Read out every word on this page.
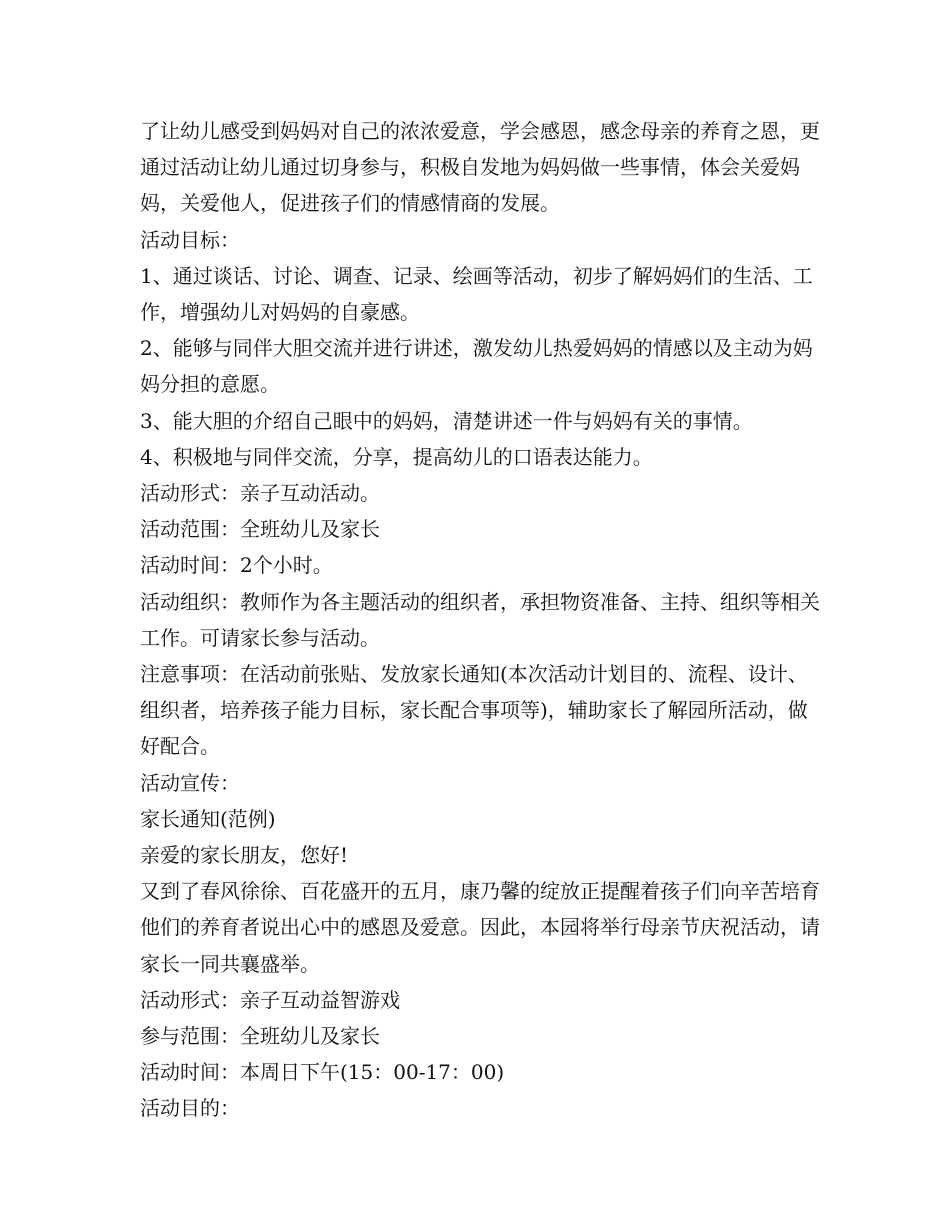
了让幼儿感受到妈妈对自己的浓浓爱意，学会感恩，感念母亲的养育之恩，更通过活动让幼儿通过切身参与，积极自发地为妈妈做一些事情，体会关爱妈妈，关爱他人，促进孩子们的情感情商的发展。

活动目标：

1、通过谈话、讨论、调查、记录、绘画等活动，初步了解妈妈们的生活、工作，增强幼儿对妈妈的自豪感。

2、能够与同伴大胆交流并进行讲述，激发幼儿热爱妈妈的情感以及主动为妈妈分担的意愿。

3、能大胆的介绍自己眼中的妈妈，清楚讲述一件与妈妈有关的事情。

4、积极地与同伴交流，分享，提高幼儿的口语表达能力。

活动形式：亲子互动活动。

活动范围：全班幼儿及家长

活动时间：2个小时。

活动组织：教师作为各主题活动的组织者，承担物资准备、主持、组织等相关工作。可请家长参与活动。

注意事项：在活动前张贴、发放家长通知(本次活动计划目的、流程、设计、组织者，培养孩子能力目标，家长配合事项等)，辅助家长了解园所活动，做好配合。

活动宣传：

家长通知(范例)

亲爱的家长朋友，您好!

又到了春风徐徐、百花盛开的五月，康乃馨的绽放正提醒着孩子们向辛苦培育他们的养育者说出心中的感恩及爱意。因此，本园将举行母亲节庆祝活动，请家长一同共襄盛举。

活动形式：亲子互动益智游戏

参与范围：全班幼儿及家长

活动时间：本周日下午(15：00-17：00)

活动目的：
